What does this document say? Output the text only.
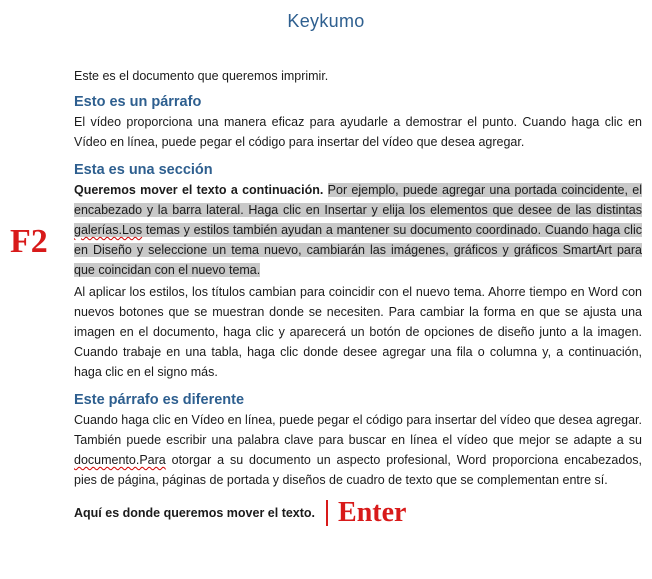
Keykumo
F2

Este es el documento que queremos imprimir.

Esto es un párrafo

El vídeo proporciona una manera eficaz para ayudarle a demostrar el punto. Cuando haga clic en Vídeo en línea, puede pegar el código para insertar del vídeo que desea agregar.

Esta es una sección

Queremos mover el texto a continuación. Por ejemplo, puede agregar una portada coincidente, el encabezado y la barra lateral. Haga clic en Insertar y elija los elementos que desee de las distintas galerías.Los temas y estilos también ayudan a mantener su documento coordinado. Cuando haga clic en Diseño y seleccione un tema nuevo, cambiarán las imágenes, gráficos y gráficos SmartArt para que coincidan con el nuevo tema.

Al aplicar los estilos, los títulos cambian para coincidir con el nuevo tema. Ahorre tiempo en Word con nuevos botones que se muestran donde se necesiten. Para cambiar la forma en que se ajusta una imagen en el documento, haga clic y aparecerá un botón de opciones de diseño junto a la imagen. Cuando trabaje en una tabla, haga clic donde desee agregar una fila o columna y, a continuación, haga clic en el signo más.

Este párrafo es diferente

Cuando haga clic en Vídeo en línea, puede pegar el código para insertar del vídeo que desea agregar. También puede escribir una palabra clave para buscar en línea el vídeo que mejor se adapte a su documento.Para otorgar a su documento un aspecto profesional, Word proporciona encabezados, pies de página, páginas de portada y diseños de cuadro de texto que se complementan entre sí.

Aquí es donde queremos mover el texto. Enter
